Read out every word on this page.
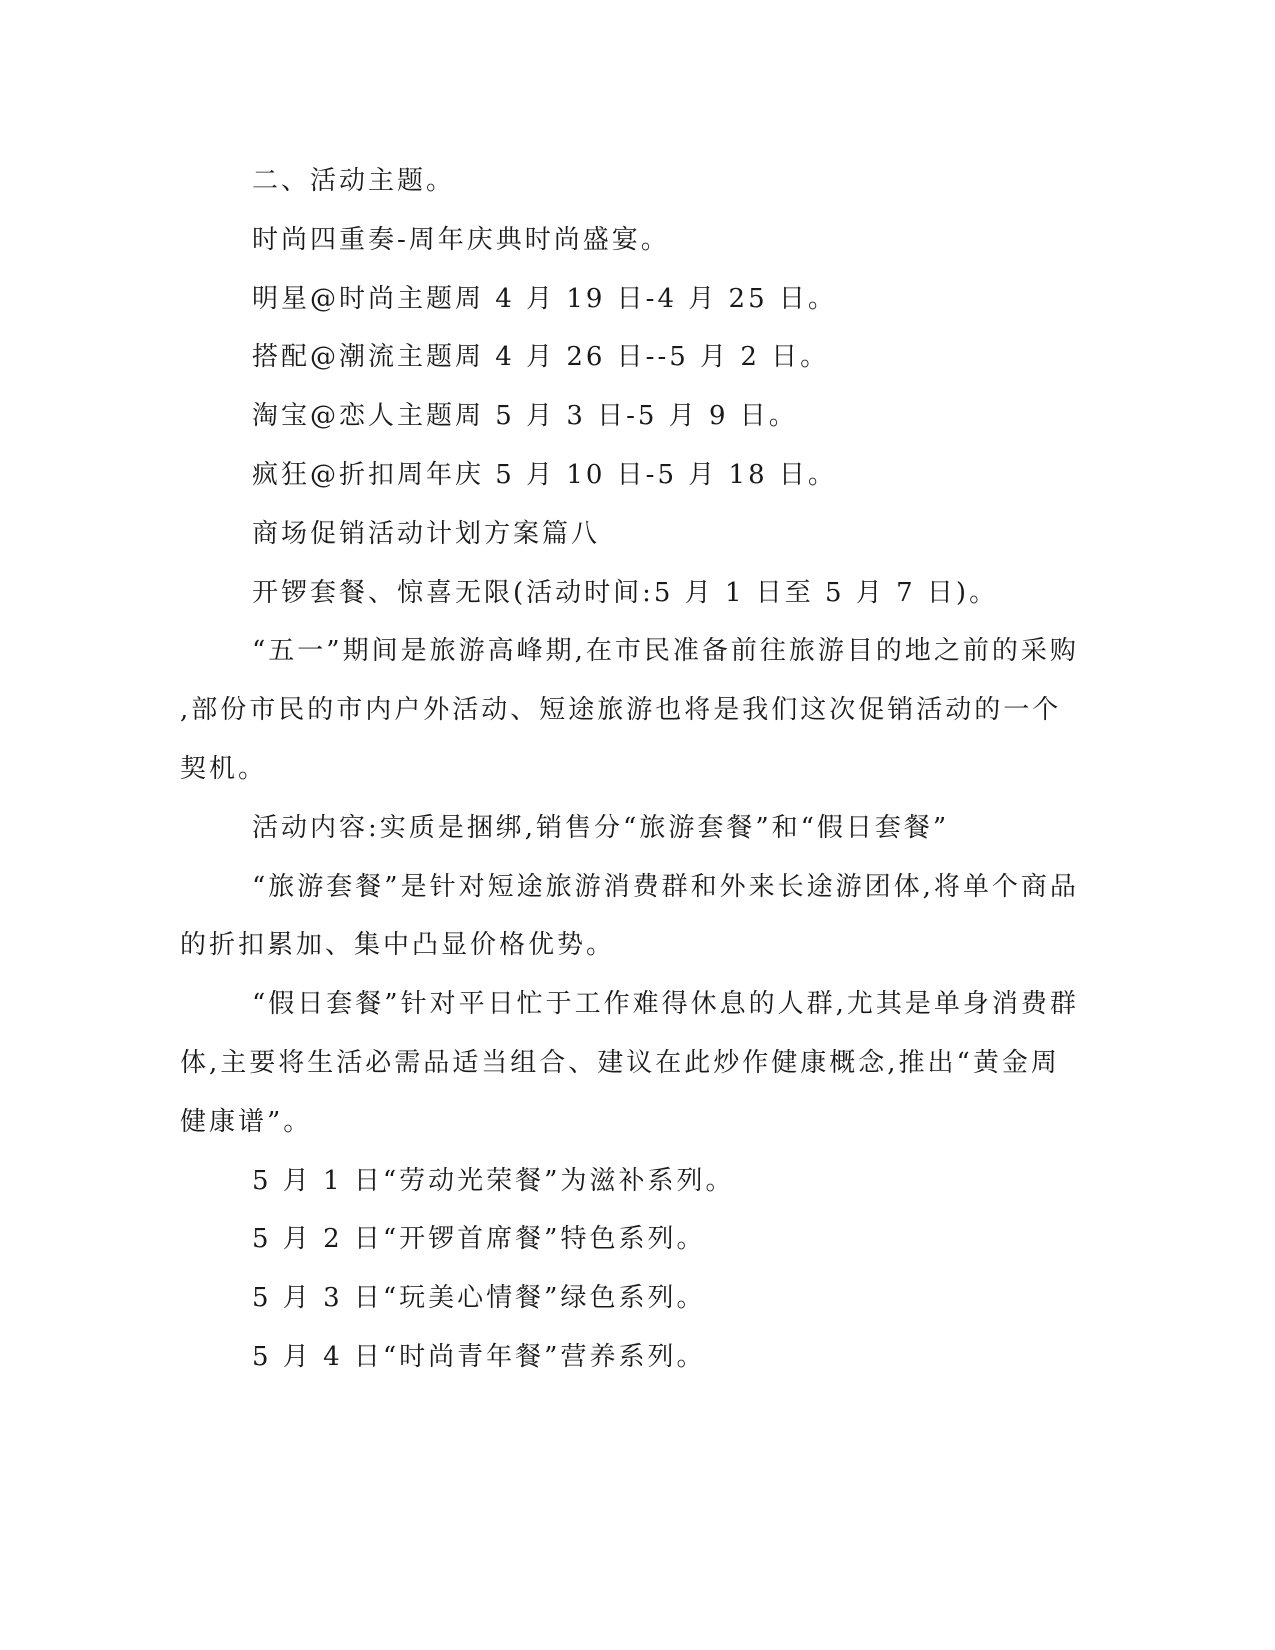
二、活动主题。
时尚四重奏-周年庆典时尚盛宴。
明星@时尚主题周 4 月 19 日-4 月 25 日。
搭配@潮流主题周 4 月 26 日--5 月 2 日。
淘宝@恋人主题周 5 月 3 日-5 月 9 日。
疯狂@折扣周年庆 5 月 10 日-5 月 18 日。
商场促销活动计划方案篇八
开锣套餐、惊喜无限(活动时间:5 月 1 日至 5 月 7 日)。
“五一”期间是旅游高峰期,在市民准备前往旅游目的地之前的采购
,部份市民的市内户外活动、短途旅游也将是我们这次促销活动的一个
契机。
活动内容:实质是捆绑,销售分“旅游套餐”和“假日套餐”
“旅游套餐”是针对短途旅游消费群和外来长途游团体,将单个商品
的折扣累加、集中凸显价格优势。
“假日套餐”针对平日忙于工作难得休息的人群,尤其是单身消费群
体,主要将生活必需品适当组合、建议在此炒作健康概念,推出“黄金周
健康谱”。
5 月 1 日“劳动光荣餐”为滋补系列。
5 月 2 日“开锣首席餐”特色系列。
5 月 3 日“玩美心情餐”绿色系列。
5 月 4 日“时尚青年餐”营养系列。
